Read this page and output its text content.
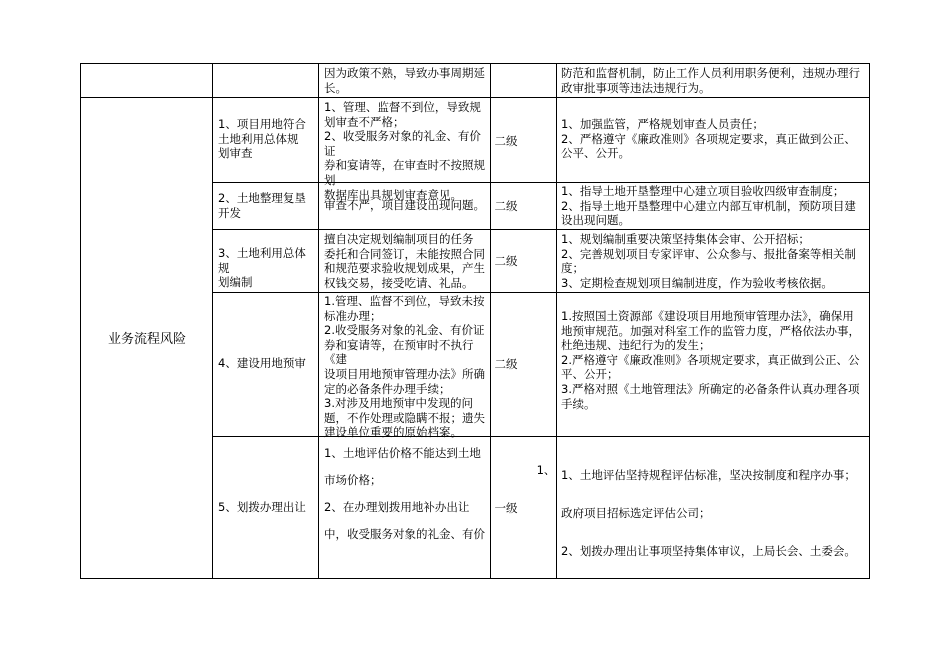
因为政策不熟，导致办事周期延
长。
防范和监督机制，防止工作人员利用职务便利，违规办理行
政审批事项等违法违规行为。
业务流程风险
1、项目用地符合
土地利用总体规
划审查
1、管理、监督不到位，导致规
划审查不严格；
2、收受服务对象的礼金、有价证
券和宴请等，在审查时不按照规划
数据库出具规划审查意见。
二级
1、加强监管，严格规划审查人员责任；
2、严格遵守《廉政准则》各项规定要求，真正做到公正、
公平、公开。
2、土地整理复垦
开发
审查不严，项目建设出现问题。 二级
1、指导土地开垦整理中心建立项目验收四级审查制度；
2、指导土地开垦整理中心建立内部互审机制，预防项目建
设出现问题。
3、土地利用总体规
划编制
擅自决定规划编制项目的任务
委托和合同签订，未能按照合同
和规范要求验收规划成果，产生
权钱交易，接受吃请、礼品。
二级
1、规划编制重要决策坚持集体会审、公开招标；
2、完善规划项目专家评审、公众参与、报批备案等相关制
度；
3、定期检查规划项目编制进度，作为验收考核依据。
4、建设用地预审
1.管理、监督不到位，导致未按
标准办理；
2.收受服务对象的礼金、有价证
券和宴请等，在预审时不执行《建
设项目用地预审管理办法》所确
定的必备条件办理手续；
3.对涉及用地预审中发现的问
题，不作处理或隐瞒不报；遗失
建设单位重要的原始档案。
二级
1.按照国土资源部《建设项目用地预审管理办法》，确保用
地预审规范。加强对科室工作的监管力度，严格依法办事，
杜绝违规、违纪行为的发生；
2.严格遵守《廉政准则》各项规定要求，真正做到公正、公
平、公开；
3.严格对照《土地管理法》所确定的必备条件认真办理各项
手续。
5、划拨办理出让
1、土地评估价格不能达到土地
市场价格；
2、在办理划拨用地补办出让
中，收受服务对象的礼金、有价
1、
一级
1、土地评估坚持规程评估标准，坚决按制度和程序办事；
政府项目招标选定评估公司；
2、划拨办理出让事项坚持集体审议，上局长会、土委会。
